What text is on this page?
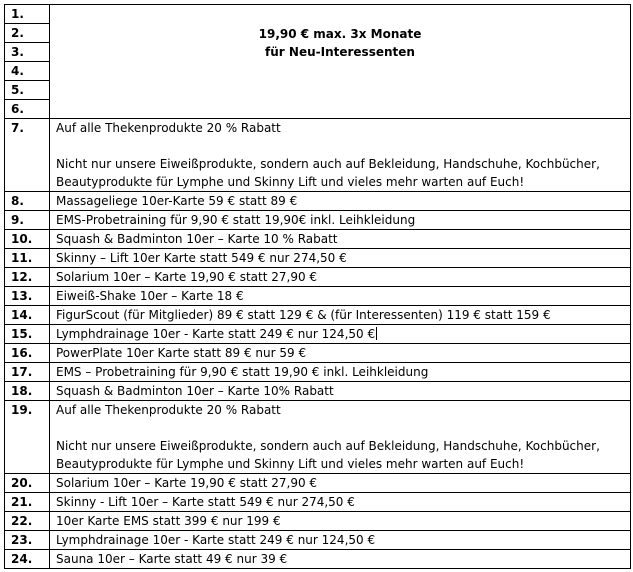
1.	19,90 € max. 3x Monate
für Neu-Interessenten

2.	
3.	
4.	
5.	
6.	
7.	Auf alle Thekenprodukte 20 % Rabatt
Nicht nur unsere Eiweißprodukte, sondern auch auf Bekleidung, Handschuhe, Kochbücher,
Beautyprodukte für Lymphe und Skinny Lift und vieles mehr warten auf Euch!

8.	Massageliege 10er-Karte 59 € statt 89 €
9.	EMS-Probetraining für 9,90 € statt 19,90€ inkl. Leihkleidung
10.	Squash & Badminton 10er – Karte 10 % Rabatt
11.	Skinny – Lift 10er Karte statt 549 € nur 274,50 €
12.	Solarium 10er – Karte 19,90 € statt 27,90 €
13.	Eiweiß-Shake 10er – Karte 18 €
14.	FigurScout (für Mitglieder) 89 € statt 129 € & (für Interessenten) 119 € statt 159 €
15.	Lymphdrainage 10er - Karte statt 249 € nur 124,50 €
16.	PowerPlate 10er Karte statt 89 € nur 59 €
17.	EMS – Probetraining für 9,90 € statt 19,90 € inkl. Leihkleidung
18.	Squash & Badminton 10er – Karte 10% Rabatt
19.	Auf alle Thekenprodukte 20 % Rabatt
Nicht nur unsere Eiweißprodukte, sondern auch auf Bekleidung, Handschuhe, Kochbücher,
Beautyprodukte für Lymphe und Skinny Lift und vieles mehr warten auf Euch!

20.	Solarium 10er – Karte 19,90 € statt 27,90 €
21.	Skinny - Lift 10er – Karte statt 549 € nur 274,50 €
22.	10er Karte EMS statt 399 € nur 199 €
23.	Lymphdrainage 10er - Karte statt 249 € nur 124,50 €
24.	Sauna 10er – Karte statt 49 € nur 39 €
